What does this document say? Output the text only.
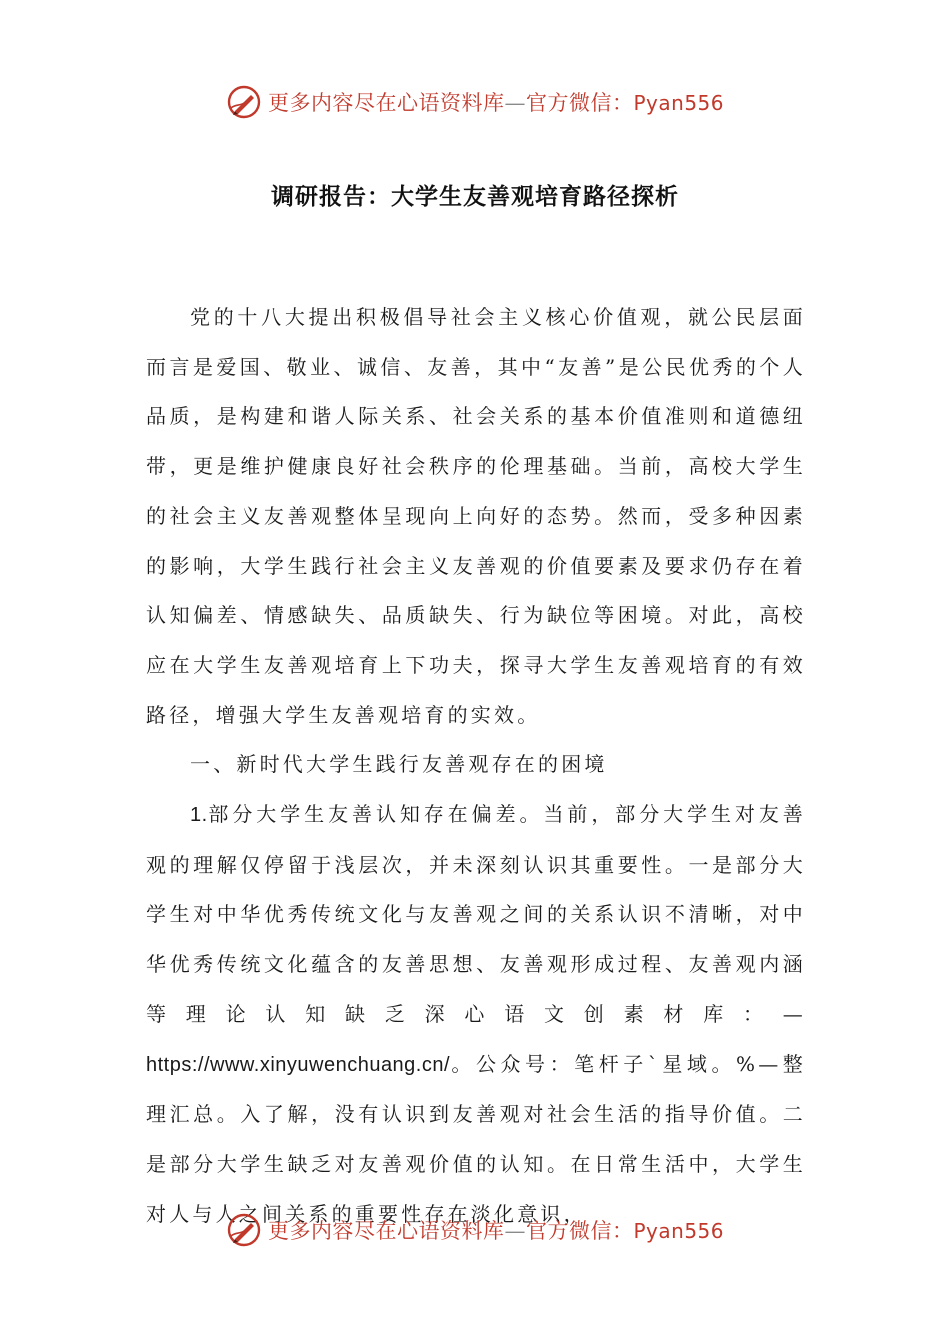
更多内容尽在心语资料库—官方微信：Pyan556
调研报告：大学生友善观培育路径探析

党的十八大提出积极倡导社会主义核心价值观，就公民层面而言是爱国、敬业、诚信、友善，其中“友善”是公民优秀的个人品质，是构建和谐人际关系、社会关系的基本价值准则和道德纽带，更是维护健康良好社会秩序的伦理基础。当前，高校大学生的社会主义友善观整体呈现向上向好的态势。然而，受多种因素的影响，大学生践行社会主义友善观的价值要素及要求仍存在着认知偏差、情感缺失、品质缺失、行为缺位等困境。对此，高校应在大学生友善观培育上下功夫，探寻大学生友善观培育的有效路径，增强大学生友善观培育的实效。

一、新时代大学生践行友善观存在的困境

1.部分大学生友善认知存在偏差。当前，部分大学生对友善观的理解仅停留于浅层次，并未深刻认识其重要性。一是部分大学生对中华优秀传统文化与友善观之间的关系认识不清晰，对中华优秀传统文化蕴含的友善思想、友善观形成过程、友善观内涵等理论认知缺乏深心语文创素材库：—https://www.xinyuwenchuang.cn/。公众号：笔杆子`星域。%—整理汇总。入了解，没有认识到友善观对社会生活的指导价值。二是部分大学生缺乏对友善观价值的认知。在日常生活中，大学生对人与人之间关系的重要性存在淡化意识，

更多内容尽在心语资料库—官方微信：Pyan556
